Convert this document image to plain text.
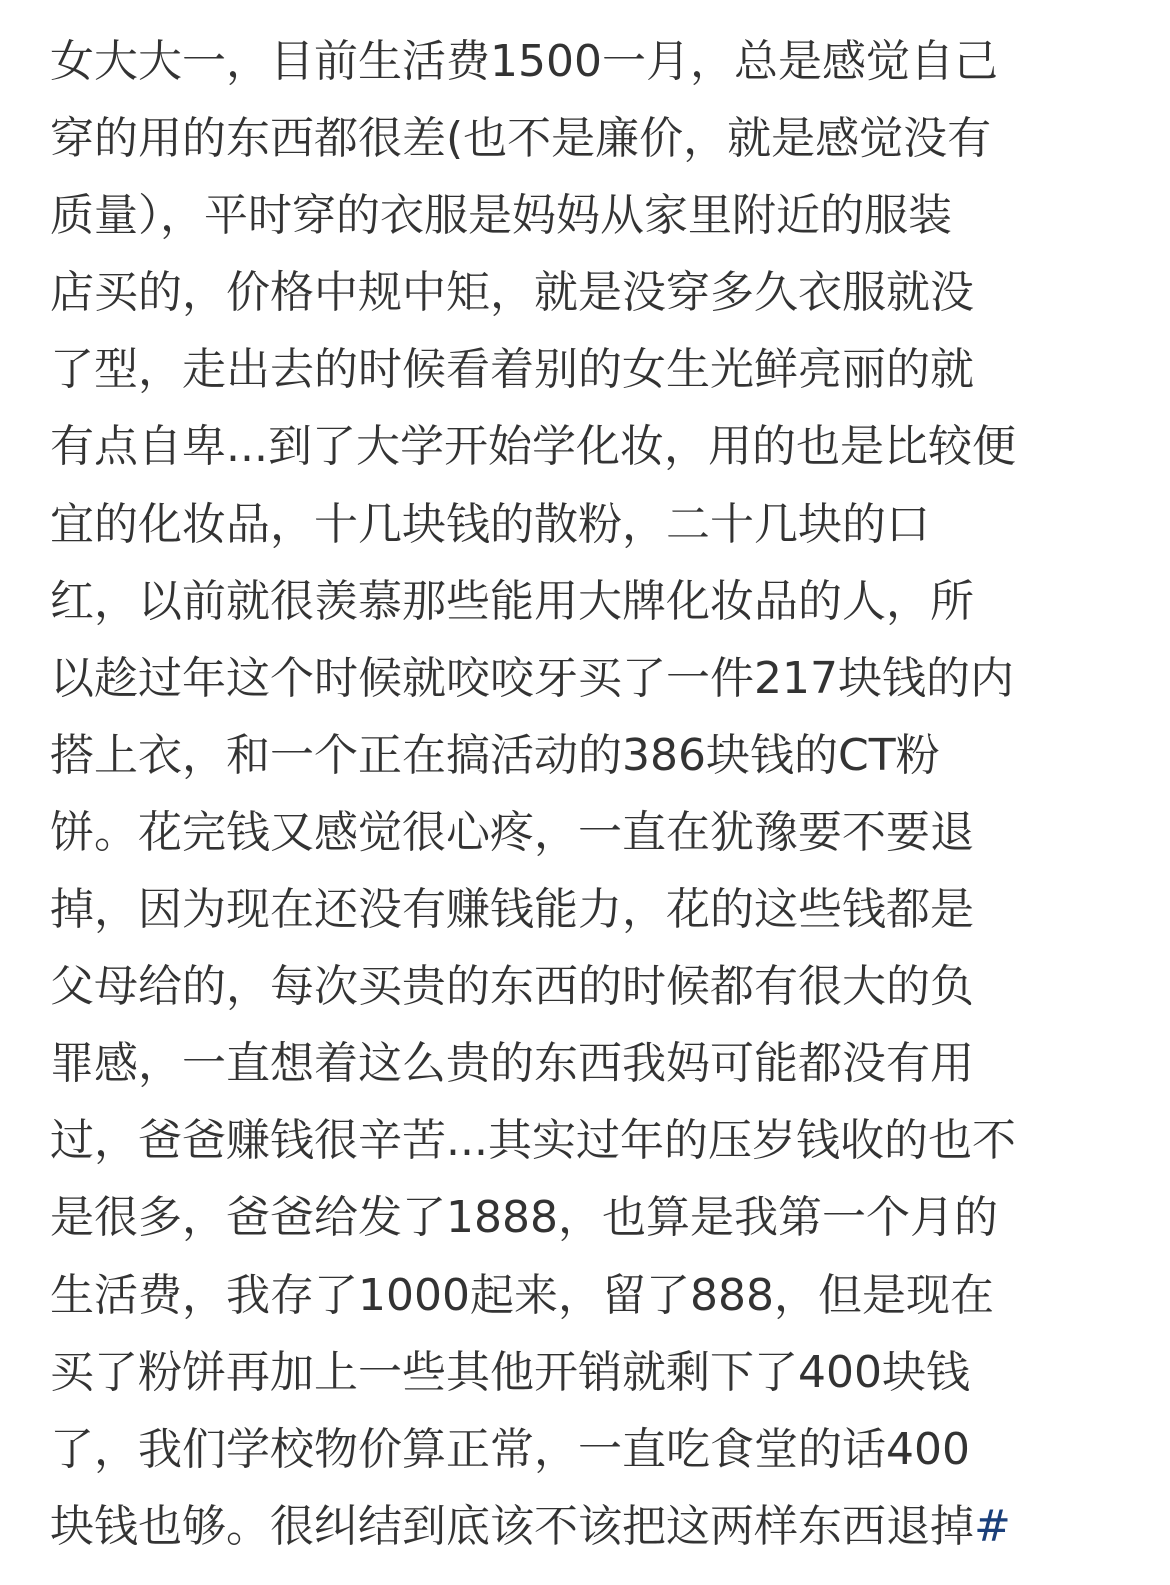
女大大一，目前生活费1500一月，总是感觉自己
穿的用的东西都很差(也不是廉价，就是感觉没有
质量），平时穿的衣服是妈妈从家里附近的服装
店买的，价格中规中矩，就是没穿多久衣服就没
了型，走出去的时候看着别的女生光鲜亮丽的就
有点自卑...到了大学开始学化妆，用的也是比较便
宜的化妆品，十几块钱的散粉，二十几块的口
红，以前就很羡慕那些能用大牌化妆品的人，所
以趁过年这个时候就咬咬牙买了一件217块钱的内
搭上衣，和一个正在搞活动的386块钱的CT粉
饼。花完钱又感觉很心疼，一直在犹豫要不要退
掉，因为现在还没有赚钱能力，花的这些钱都是
父母给的，每次买贵的东西的时候都有很大的负
罪感，一直想着这么贵的东西我妈可能都没有用
过，爸爸赚钱很辛苦...其实过年的压岁钱收的也不
是很多，爸爸给发了1888，也算是我第一个月的
生活费，我存了1000起来，留了888，但是现在
买了粉饼再加上一些其他开销就剩下了400块钱
了，我们学校物价算正常，一直吃食堂的话400
块钱也够。很纠结到底该不该把这两样东西退掉#
